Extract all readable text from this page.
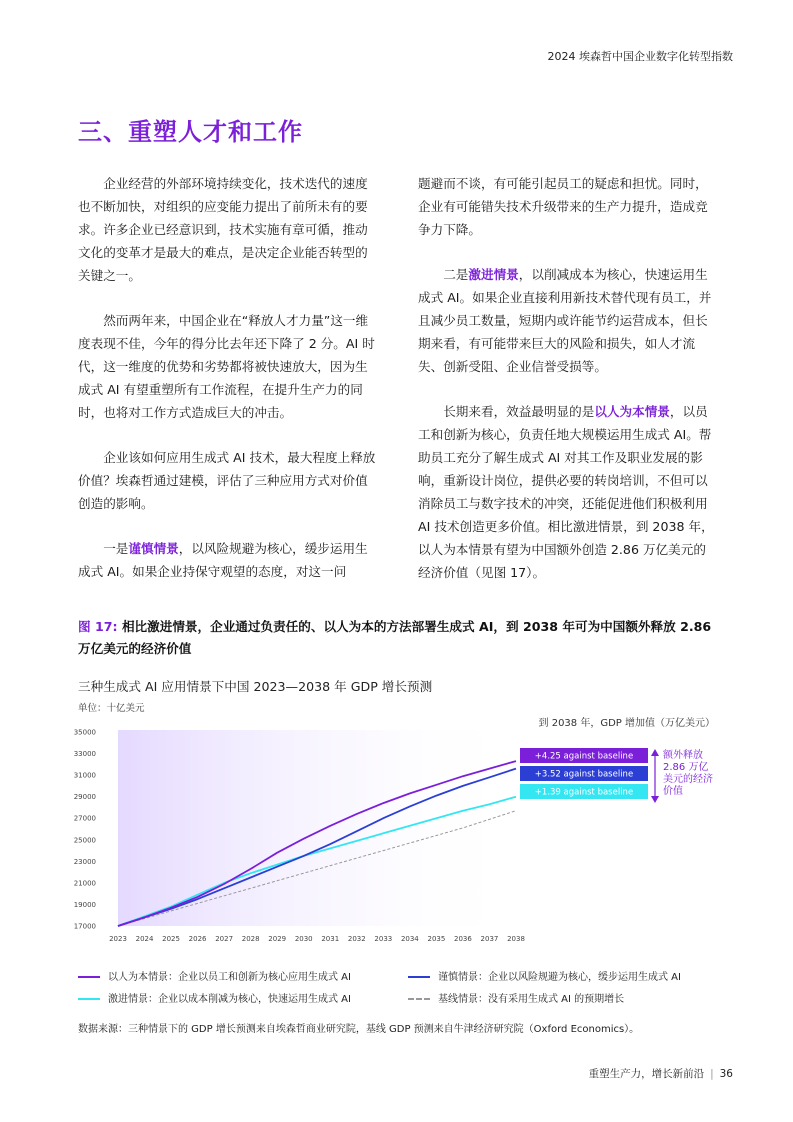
2024 埃森哲中国企业数字化转型指数
三、重塑人才和工作

企业经营的外部环境持续变化，技术迭代的速度也不断加快，对组织的应变能力提出了前所未有的要求。许多企业已经意识到，技术实施有章可循，推动文化的变革才是最大的难点，是决定企业能否转型的关键之一。

然而两年来，中国企业在“释放人才力量”这一维度表现不佳，今年的得分比去年还下降了 2 分。AI 时代，这一维度的优势和劣势都将被快速放大，因为生成式 AI 有望重塑所有工作流程，在提升生产力的同时，也将对工作方式造成巨大的冲击。

企业该如何应用生成式 AI 技术，最大程度上释放价值？埃森哲通过建模，评估了三种应用方式对价值创造的影响。

一是谨慎情景，以风险规避为核心，缓步运用生成式 AI。如果企业持保守观望的态度，对这一问

题避而不谈，有可能引起员工的疑虑和担忧。同时，企业有可能错失技术升级带来的生产力提升，造成竞争力下降。

二是激进情景，以削减成本为核心，快速运用生成式 AI。如果企业直接利用新技术替代现有员工，并且减少员工数量，短期内或许能节约运营成本，但长期来看，有可能带来巨大的风险和损失，如人才流失、创新受阻、企业信誉受损等。

长期来看，效益最明显的是以人为本情景，以员工和创新为核心，负责任地大规模运用生成式 AI。帮助员工充分了解生成式 AI 对其工作及职业发展的影响，重新设计岗位，提供必要的转岗培训，不但可以消除员工与数字技术的冲突，还能促进他们积极利用 AI 技术创造更多价值。相比激进情景，到 2038 年，以人为本情景有望为中国额外创造 2.86 万亿美元的经济价值（见图 17）。

图 17: 相比激进情景，企业通过负责任的、以人为本的方法部署生成式 AI，到 2038 年可为中国额外释放 2.86 万亿美元的经济价值
三种生成式 AI 应用情景下中国 2023—2038 年 GDP 增长预测
单位：十亿美元
到 2038 年，GDP 增加值（万亿美元）
17000
19000
21000
23000
25000
27000
29000
31000
33000
35000
2023 2024 2025 2026 2027 2028 2029 2030 2031 2032 2033 2034 2035 2036 2037 2038
+4.25 against baseline
+3.52 against baseline
+1.39 against baseline
额外释放 2.86 万亿 美元的经济 价值
以人为本情景：企业以员工和创新为核心应用生成式 AI	谨慎情景：企业以风险规避为核心，缓步运用生成式 AI
激进情景：企业以成本削减为核心，快速运用生成式 AI	基线情景：没有采用生成式 AI 的预期增长
数据来源：三种情景下的 GDP 增长预测来自埃森哲商业研究院，基线 GDP 预测来自牛津经济研究院（Oxford Economics）。
重塑生产力，增长新前沿 | 36
